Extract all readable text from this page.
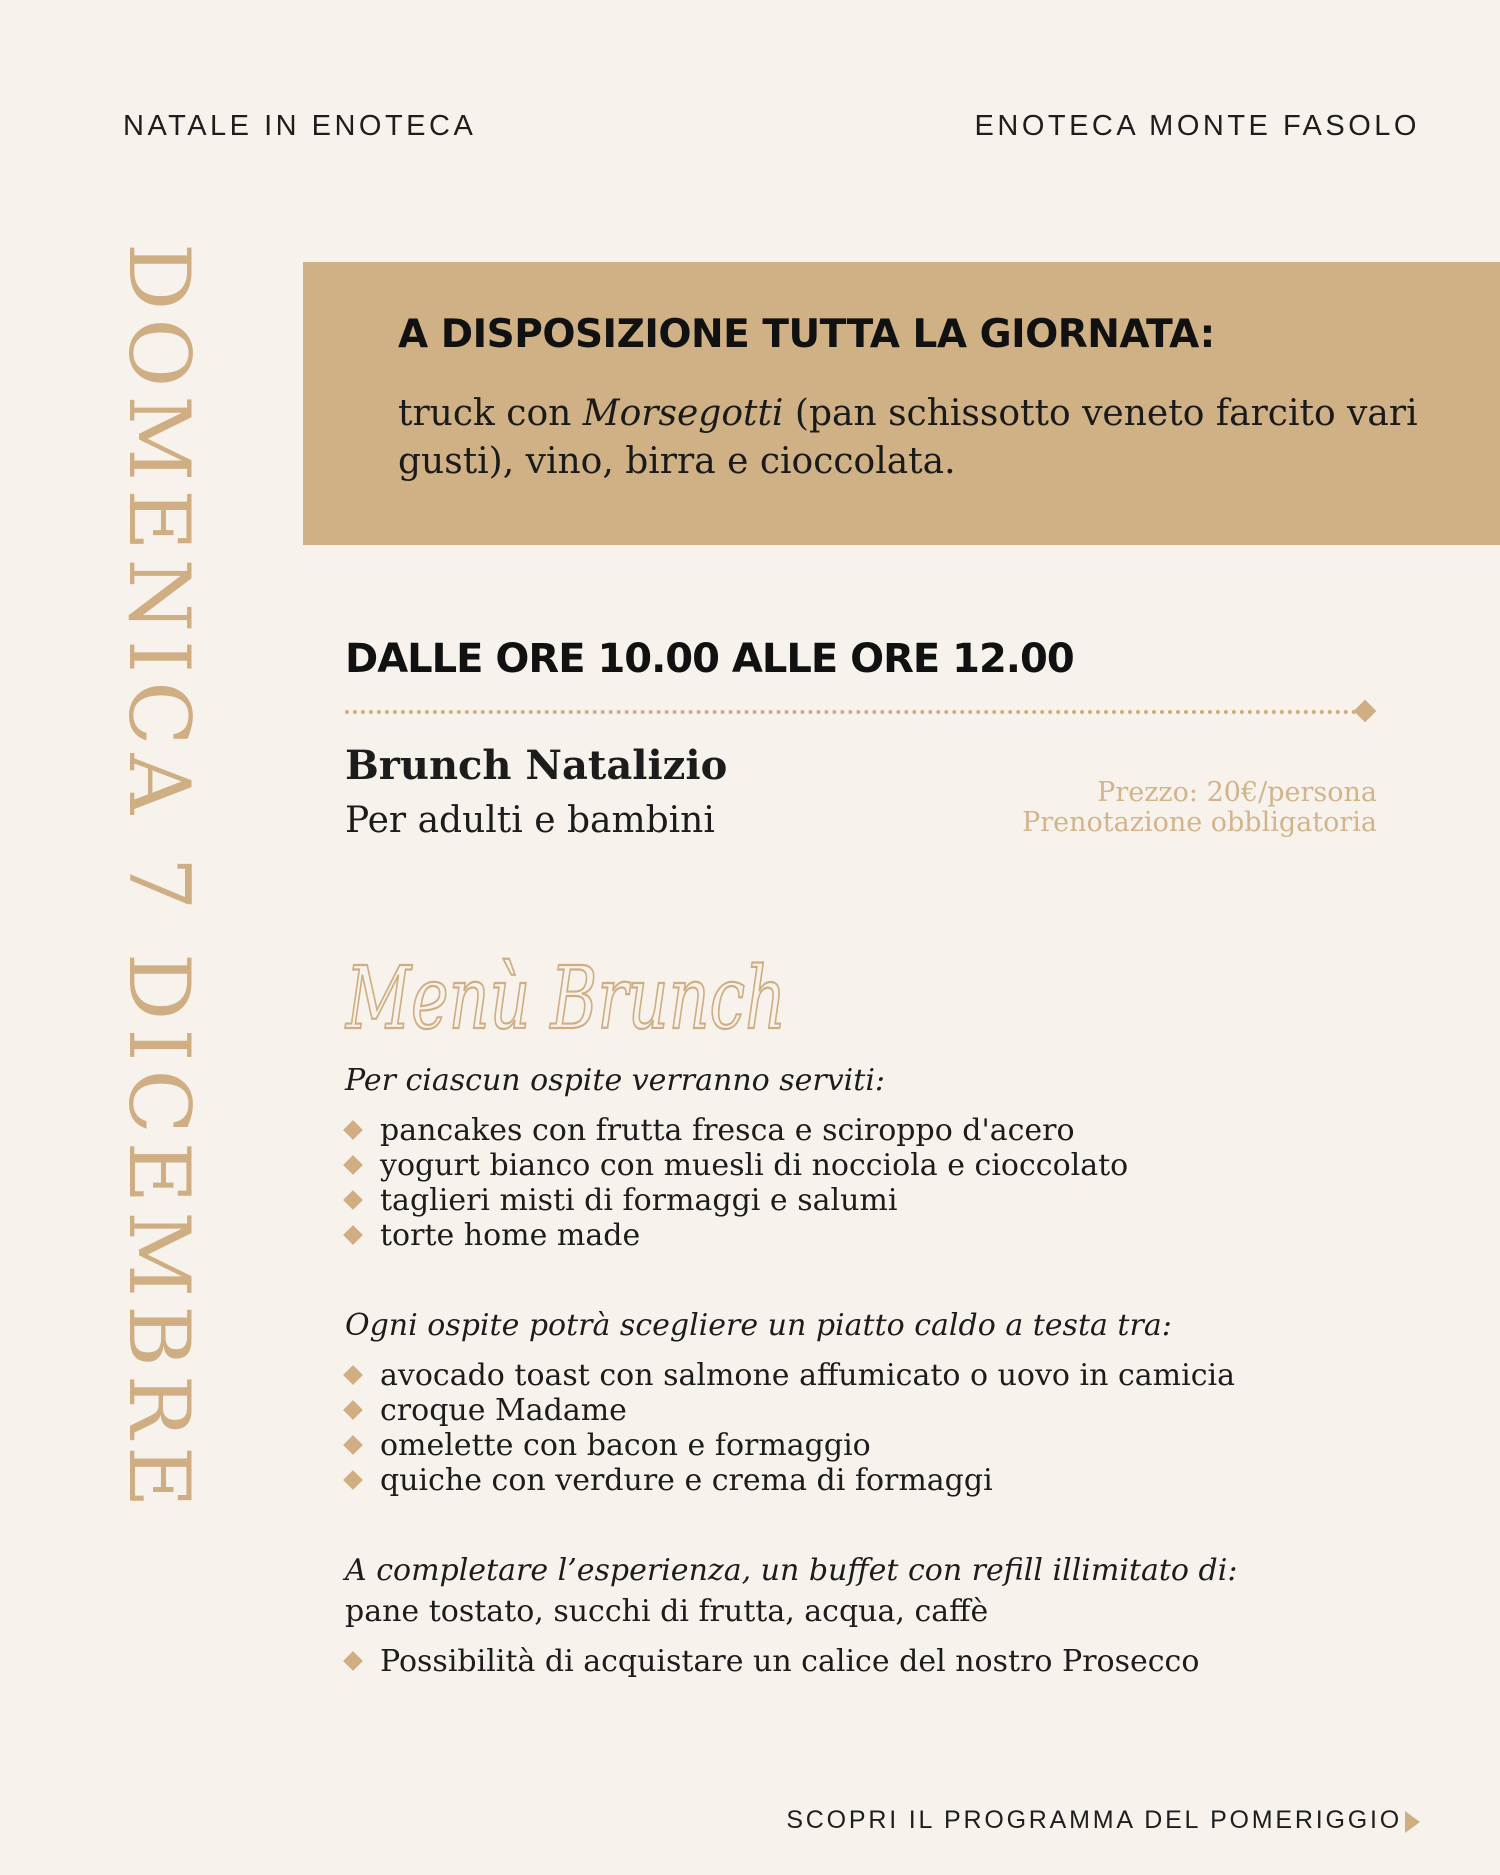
NATALE IN ENOTECA	ENOTECA MONTE FASOLO
DOMENICA 7 DICEMBRE	A DISPOSIZIONE TUTTA LA GIORNATA:
truck con Morsegotti (pan schissotto veneto farcito vari gusti), vino, birra e cioccolata.
DALLE ORE 10.00 ALLE ORE 12.00
Brunch Natalizio
Per adulti e bambini
Prezzo: 20€/persona
Prenotazione obbligatoria
Menù Brunch
Per ciascun ospite verranno serviti:
pancakes con frutta fresca e sciroppo d'acero
yogurt bianco con muesli di nocciola e cioccolato
taglieri misti di formaggi e salumi
torte home made
Ogni ospite potrà scegliere un piatto caldo a testa tra:
avocado toast con salmone affumicato o uovo in camicia
croque Madame
omelette con bacon e formaggio
quiche con verdure e crema di formaggi
A completare l’esperienza, un buffet con refill illimitato di:
pane tostato, succhi di frutta, acqua, caffè
Possibilità di acquistare un calice del nostro Prosecco
SCOPRI IL PROGRAMMA DEL POMERIGGIO
